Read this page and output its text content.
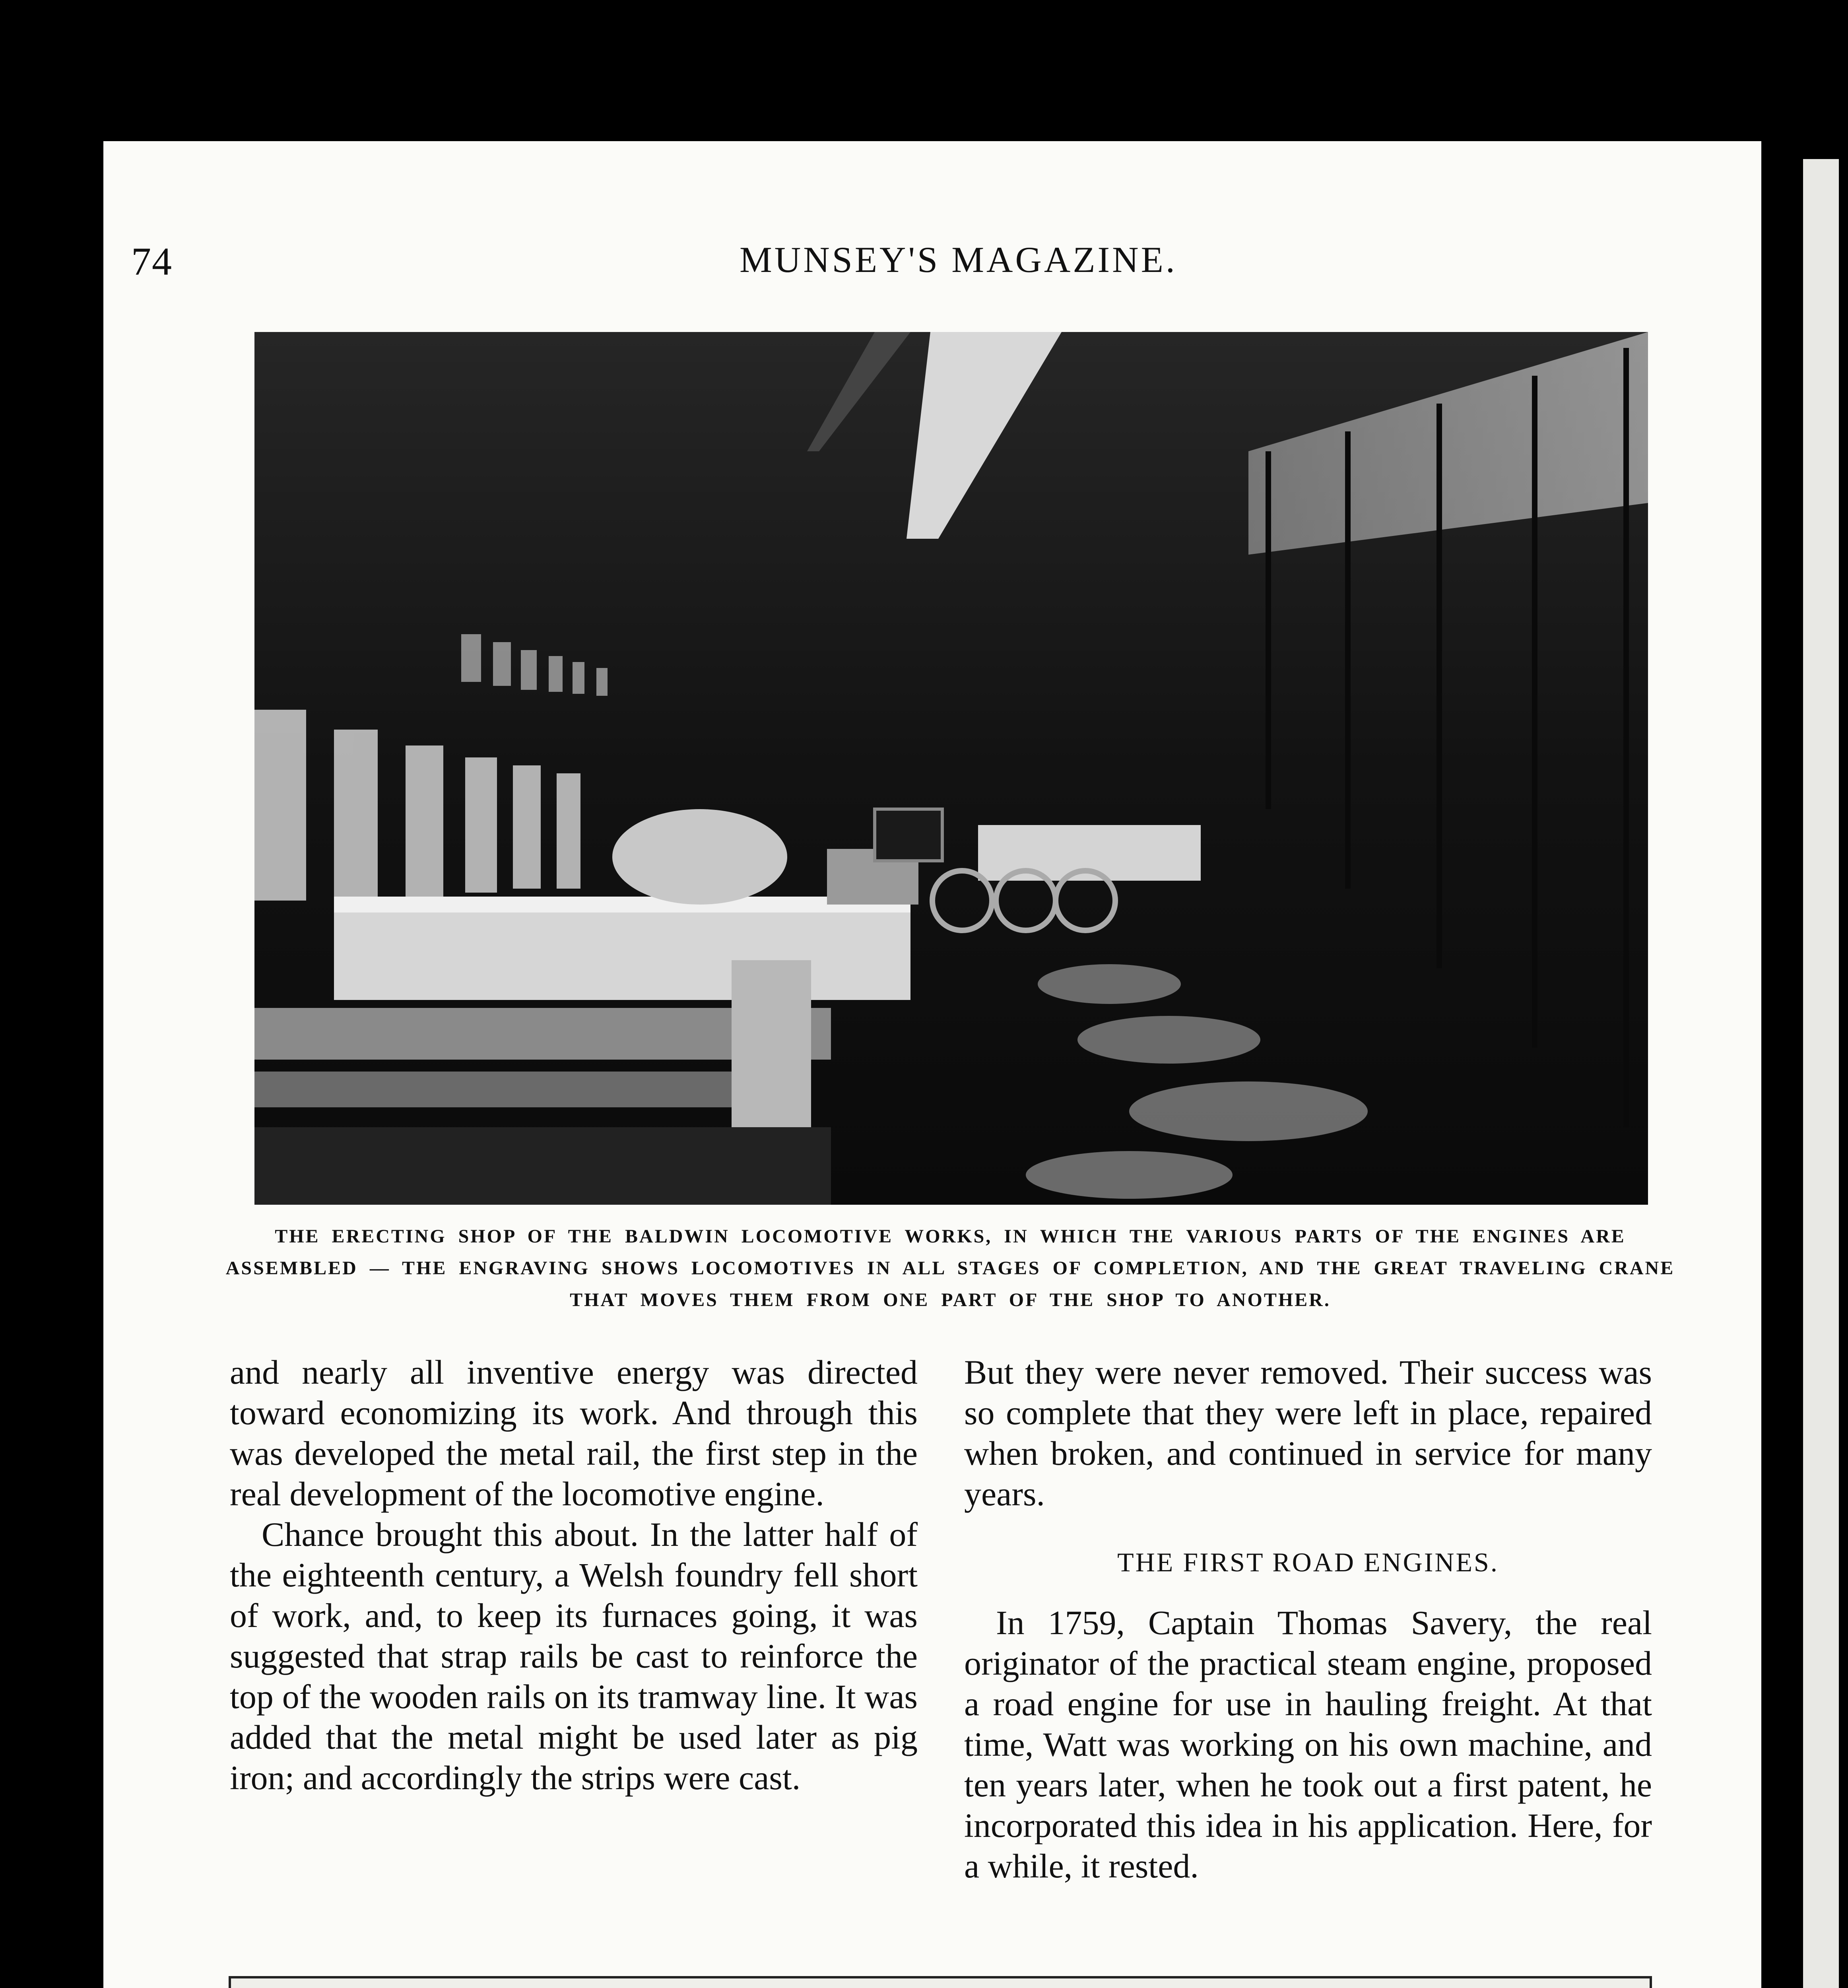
74	MUNSEY'S MAGAZINE.
THE ERECTING SHOP OF THE BALDWIN LOCOMOTIVE WORKS, IN WHICH THE VARIOUS PARTS OF THE ENGINES ARE ASSEMBLED — THE ENGRAVING SHOWS LOCOMOTIVES IN ALL STAGES OF COMPLETION, AND THE GREAT TRAVELING CRANE THAT MOVES THEM FROM ONE PART OF THE SHOP TO ANOTHER.

and nearly all inventive energy was directed toward economizing its work. And through this was developed the metal rail, the first step in the real development of the locomotive engine.

Chance brought this about. In the latter half of the eighteenth century, a Welsh foundry fell short of work, and, to keep its furnaces going, it was suggested that strap rails be cast to reinforce the top of the wooden rails on its tramway line. It was added that the metal might be used later as pig iron; and accordingly the strips were cast.

But they were never removed. Their success was so complete that they were left in place, repaired when broken, and continued in service for many years.

THE FIRST ROAD ENGINES.

In 1759, Captain Thomas Savery, the real originator of the practical steam engine, proposed a road engine for use in hauling freight. At that time, Watt was working on his own machine, and ten years later, when he took out a first patent, he incorporated this idea in his application. Here, for a while, it rested.
